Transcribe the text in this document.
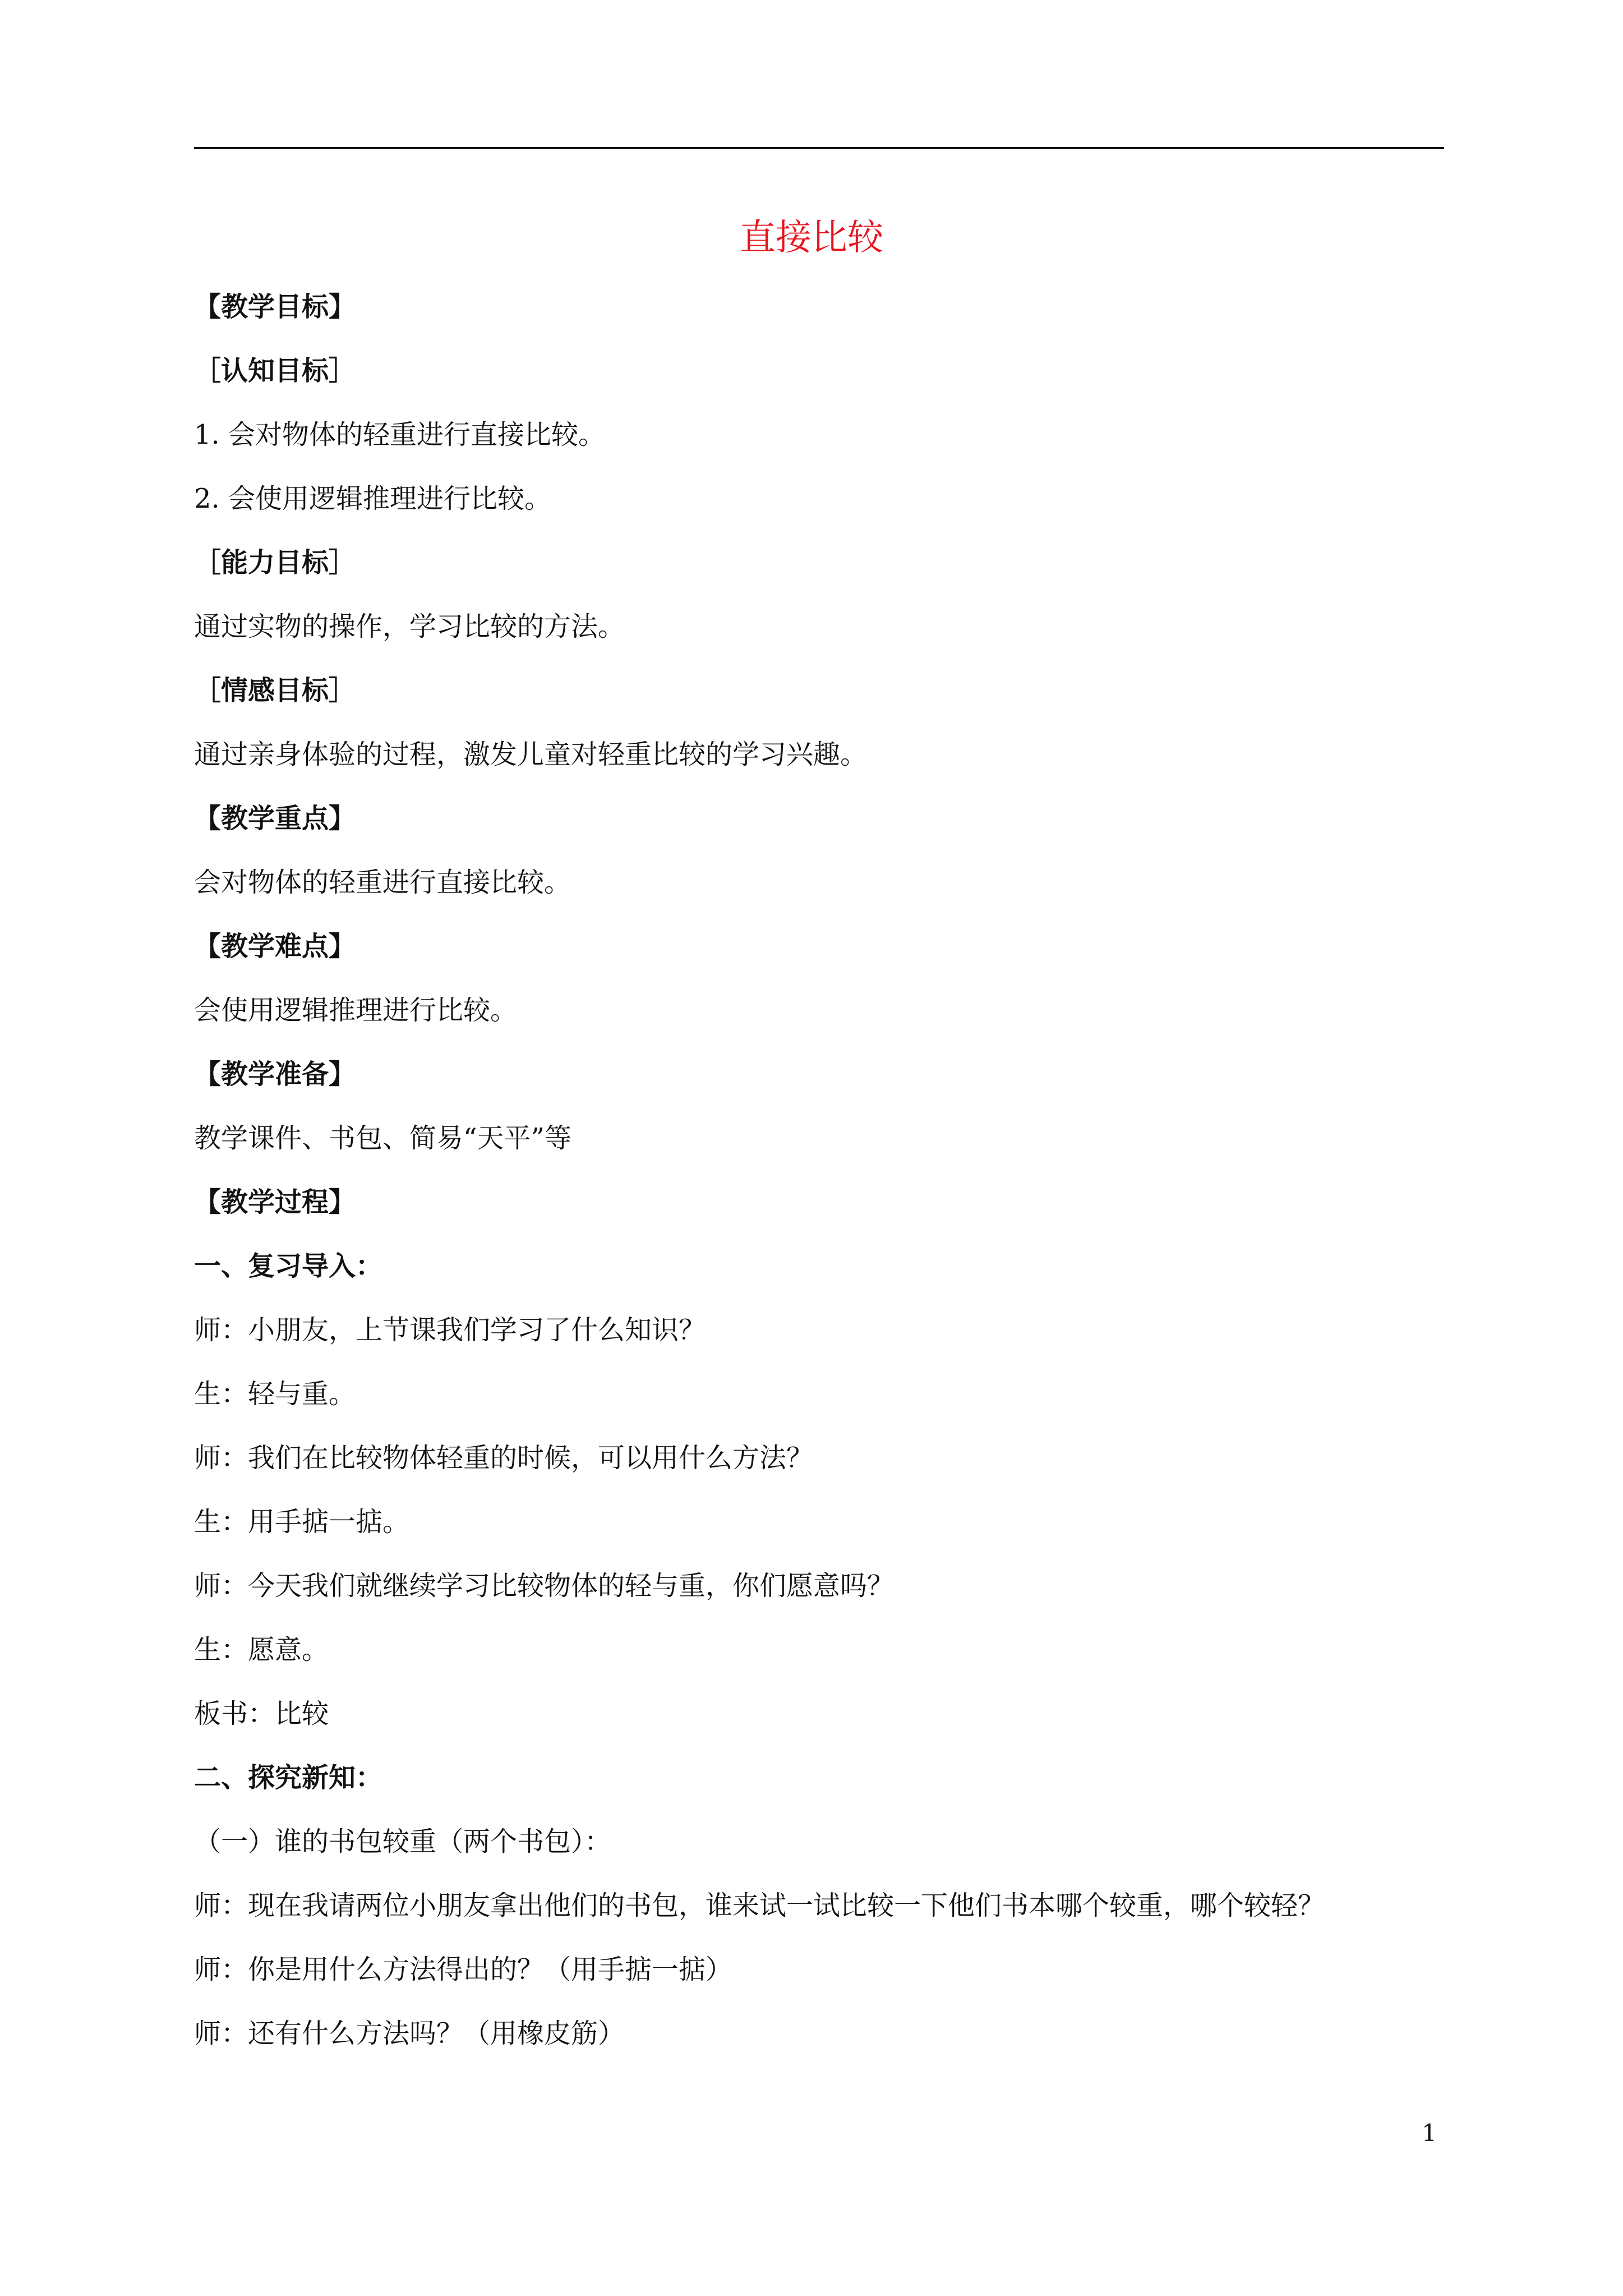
直接比较
【教学目标】
［认知目标］
1. 会对物体的轻重进行直接比较。
2. 会使用逻辑推理进行比较。
［能力目标］
通过实物的操作，学习比较的方法。
［情感目标］
通过亲身体验的过程，激发儿童对轻重比较的学习兴趣。
【教学重点】
会对物体的轻重进行直接比较。
【教学难点】
会使用逻辑推理进行比较。
【教学准备】
教学课件、书包、简易“天平”等
【教学过程】
一、复习导入：
师：小朋友，上节课我们学习了什么知识？
生：轻与重。
师：我们在比较物体轻重的时候，可以用什么方法？
生：用手掂一掂。
师：今天我们就继续学习比较物体的轻与重，你们愿意吗？
生：愿意。
板书：比较
二、探究新知：
（一）谁的书包较重（两个书包）：
师：现在我请两位小朋友拿出他们的书包，谁来试一试比较一下他们书本哪个较重，哪个较轻？
师：你是用什么方法得出的？（用手掂一掂）
师：还有什么方法吗？（用橡皮筋）
1
